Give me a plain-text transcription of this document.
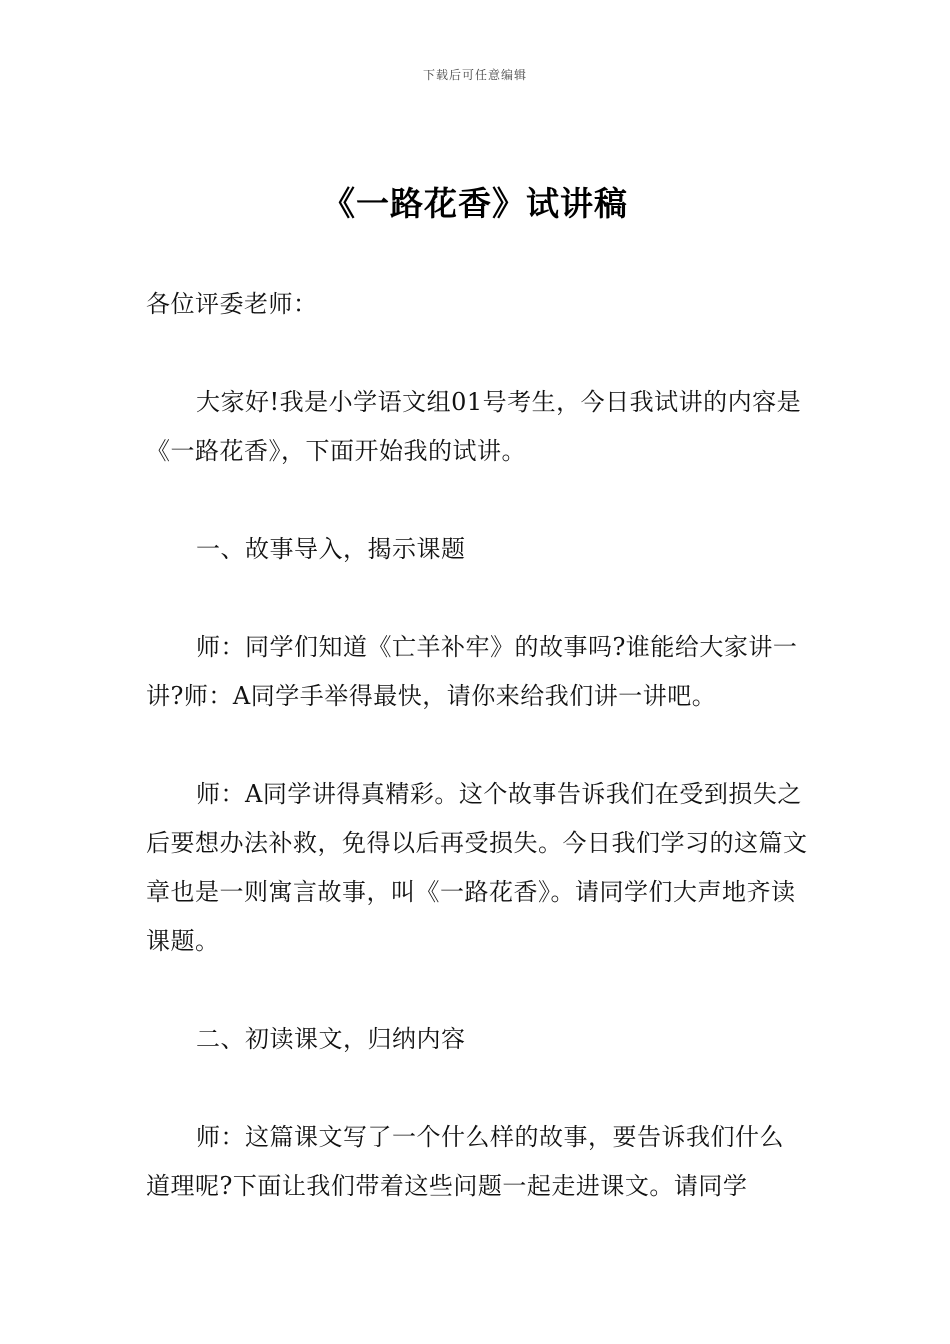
下载后可任意编辑
《一路花香》试讲稿

各位评委老师：

大家好!我是小学语文组01号考生，今日我试讲的内容是《一路花香》，下面开始我的试讲。

一、故事导入，揭示课题

师：同学们知道《亡羊补牢》的故事吗?谁能给大家讲一讲?师：A同学手举得最快，请你来给我们讲一讲吧。

师：A同学讲得真精彩。这个故事告诉我们在受到损失之后要想办法补救，免得以后再受损失。今日我们学习的这篇文章也是一则寓言故事，叫《一路花香》。请同学们大声地齐读课题。

二、初读课文，归纳内容

师：这篇课文写了一个什么样的故事，要告诉我们什么道理呢?下面让我们带着这些问题一起走进课文。请同学
